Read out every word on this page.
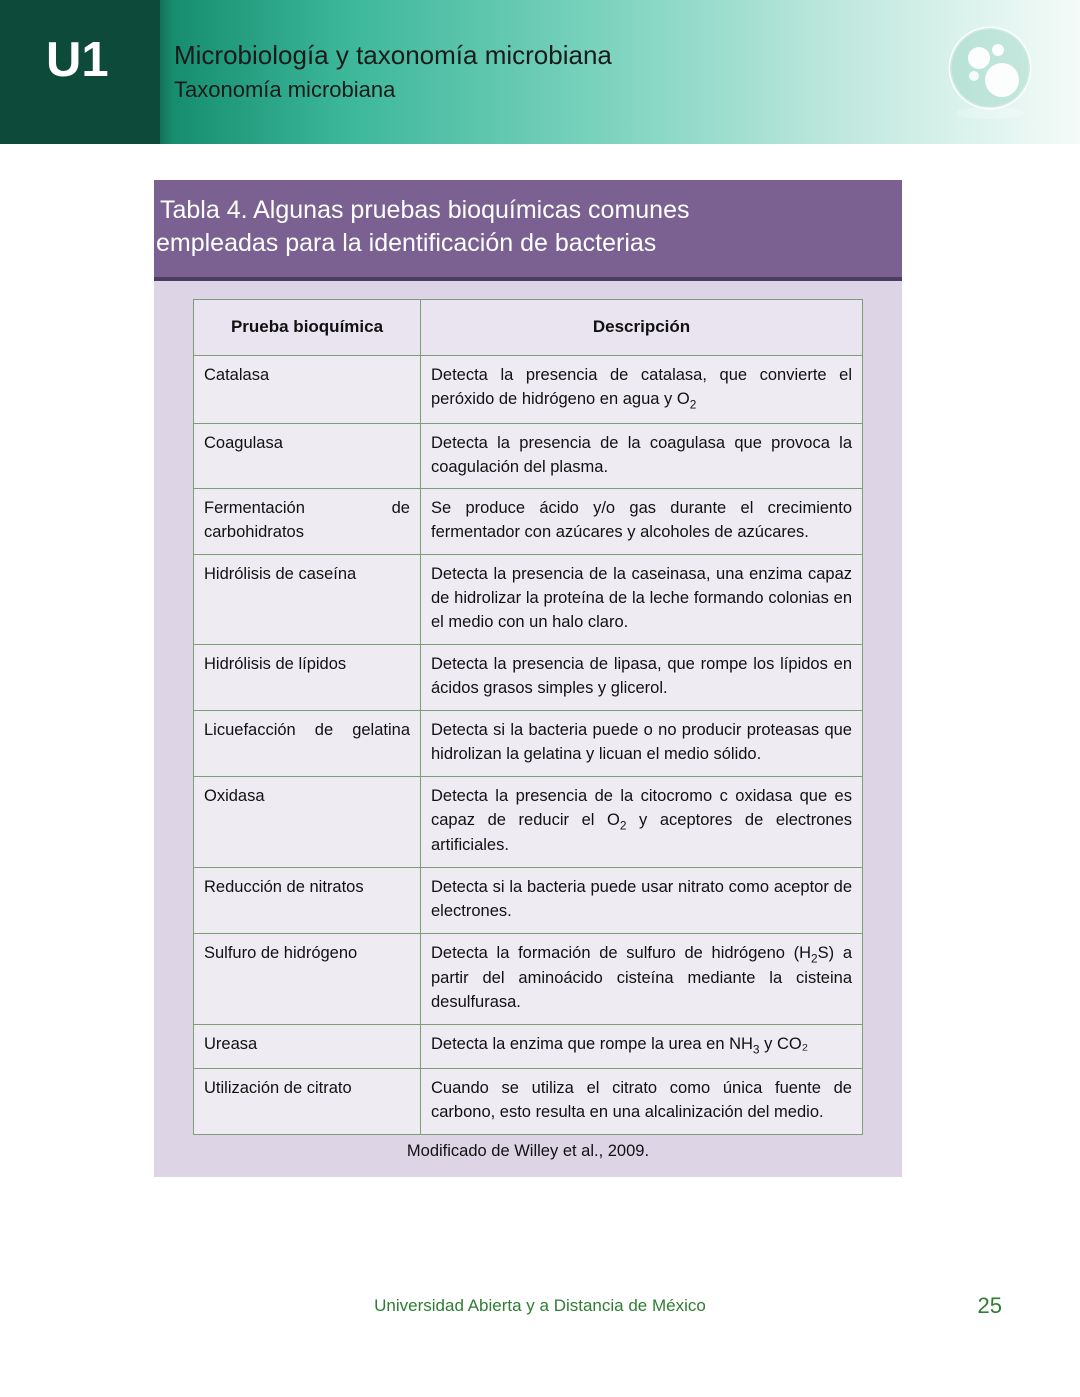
U1	Microbiología y taxonomía microbiana
Taxonomía microbiana
Tabla 4. Algunas pruebas bioquímicas comunes
empleadas para la identificación de bacterias
Prueba bioquímica	Descripción
Catalasa	Detecta la presencia de catalasa, que convierte el peróxido de hidrógeno en agua y $O_2$
Coagulasa	Detecta la presencia de la coagulasa que provoca la coagulación del plasma.
Fermentación de carbohidratos	Se produce ácido y/o gas durante el crecimiento fermentador con azúcares y alcoholes de azúcares.
Hidrólisis de caseína	Detecta la presencia de la caseinasa, una enzima capaz de hidrolizar la proteína de la leche formando colonias en el medio con un halo claro.
Hidrólisis de lípidos	Detecta la presencia de lipasa, que rompe los lípidos en ácidos grasos simples y glicerol.
Licuefacción de gelatina	Detecta si la bacteria puede o no producir proteasas que hidrolizan la gelatina y licuan el medio sólido.
Oxidasa	Detecta la presencia de la citocromo c oxidasa que es capaz de reducir el $O_2$ y aceptores de electrones artificiales.
Reducción de nitratos	Detecta si la bacteria puede usar nitrato como aceptor de electrones.
Sulfuro de hidrógeno	Detecta la formación de sulfuro de hidrógeno $(H_2S)$ a partir del aminoácido cisteína mediante la cisteina desulfurasa.
Ureasa	Detecta la enzima que rompe la urea en $NH_3$ y CO₂
Utilización de citrato	Cuando se utiliza el citrato como única fuente de carbono, esto resulta en una alcalinización del medio.
Modificado de Willey et al., 2009.
Universidad Abierta y a Distancia de México	25
